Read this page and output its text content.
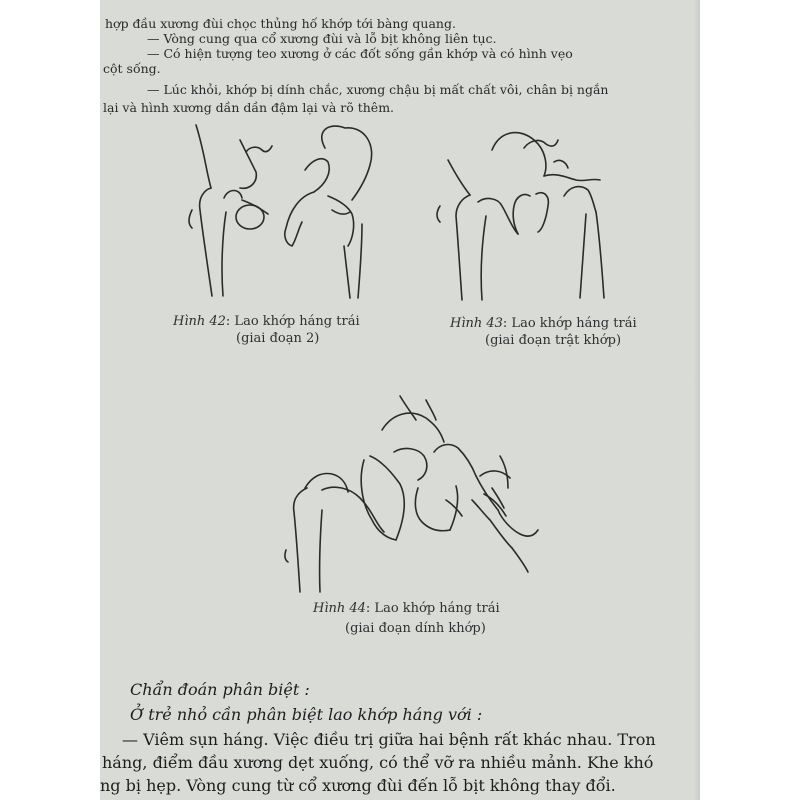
hợp đầu xương đùi chọc thủng hố khớp tới bàng quang.
— Vòng cung qua cổ xương đùi và lỗ bịt không liên tục.
— Có hiện tượng teo xương ở các đốt sống gần khớp và có hình vẹo
cột sống.
— Lúc khỏi, khớp bị dính chắc, xương chậu bị mất chất vôi, chân bị ngắn
lại và hình xương dần dần đậm lại và rõ thêm.
Hình 42: Lao khớp háng trái
(giai đoạn 2)
Hình 43: Lao khớp háng trái
(giai đoạn trật khớp)
Hình 44: Lao khớp háng trái
(giai đoạn dính khớp)
Chẩn đoán phân biệt :
Ở trẻ nhỏ cần phân biệt lao khớp háng với :
— Viêm sụn háng. Việc điều trị giữa hai bệnh rất khác nhau. Tron
háng, điểm đầu xương dẹt xuống, có thể vỡ ra nhiều mảnh. Khe khó
ng bị hẹp. Vòng cung từ cổ xương đùi đến lỗ bịt không thay đổi.
